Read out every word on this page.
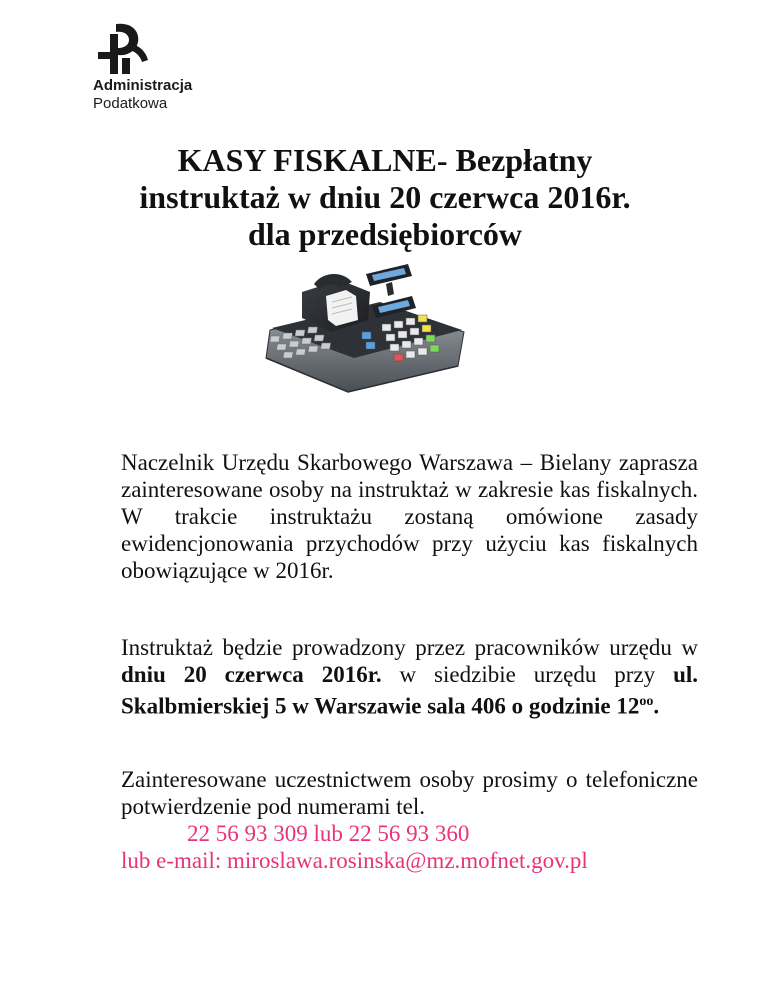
Administracja
Podatkowa
KASY FISKALNE- Bezpłatny
instruktaż w dniu 20 czerwca 2016r.
dla przedsiębiorców
Naczelnik Urzędu Skarbowego Warszawa – Bielany zaprasza zainteresowane osoby na instruktaż w zakresie kas fiskalnych. W trakcie instruktażu zostaną omówione zasady ewidencjonowania przychodów przy użyciu kas fiskalnych obowiązujące w 2016r.
Instruktaż będzie prowadzony przez pracowników urzędu w dniu 20 czerwca 2016r. w siedzibie urzędu przy ul. Skalbmierskiej 5 w Warszawie sala 406 o godzinie $12^{oo}$.
Zainteresowane uczestnictwem osoby prosimy o telefoniczne potwierdzenie pod numerami tel.
22 56 93 309 lub 22 56 93 360
lub e-mail: miroslawa.rosinska@mz.mofnet.gov.pl
